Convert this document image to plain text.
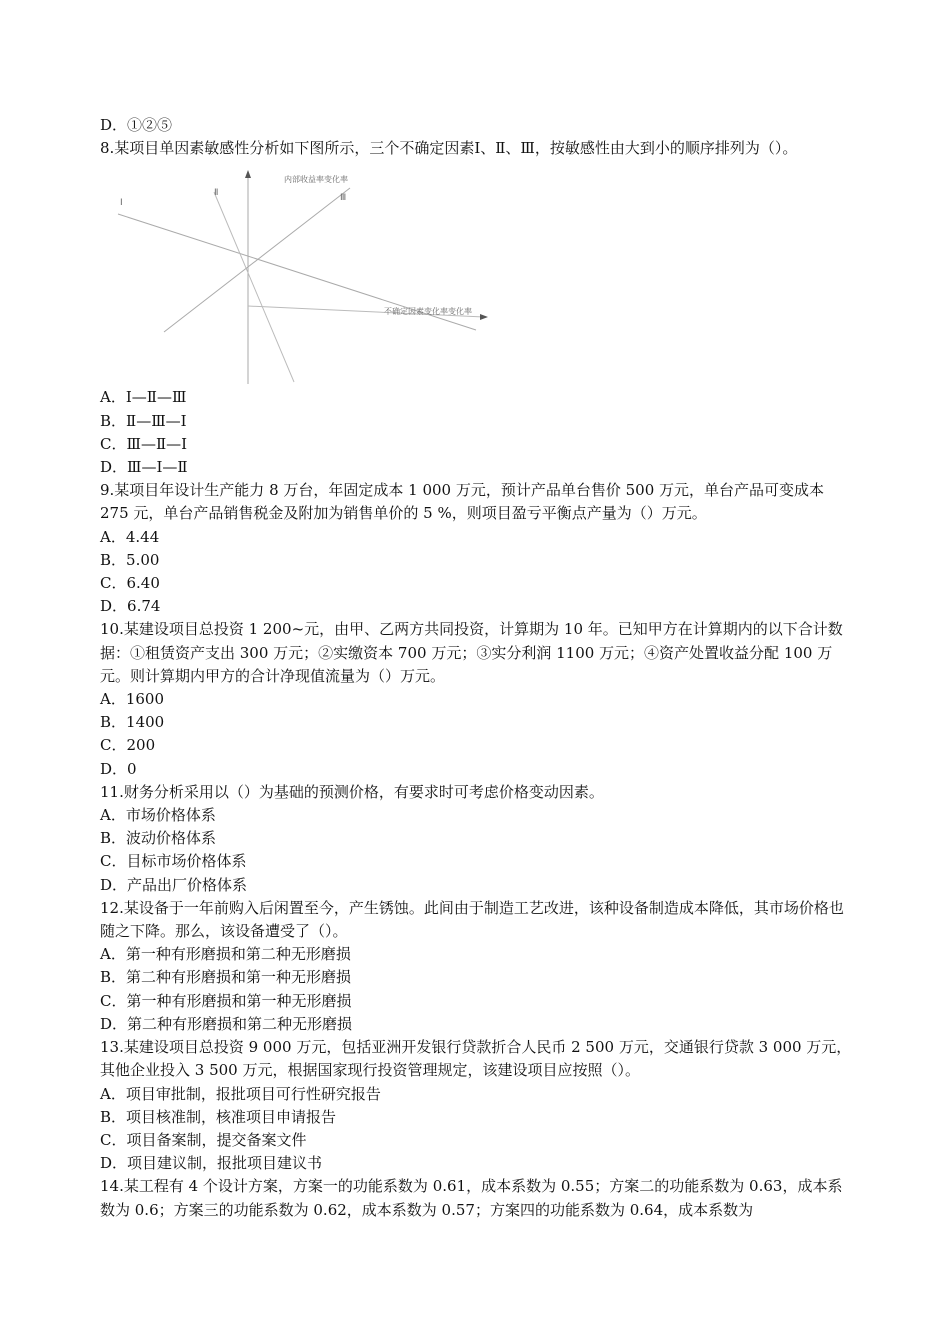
D．①②⑤
8.某项目单因素敏感性分析如下图所示，三个不确定因素Ⅰ、Ⅱ、Ⅲ，按敏感性由大到小的顺序排列为（）。
内部收益率变化率
不确定因素变化率变化率
Ⅰ
Ⅱ	Ⅲ
A．Ⅰ—Ⅱ—Ⅲ
B．Ⅱ—Ⅲ—Ⅰ
C．Ⅲ—Ⅱ—Ⅰ
D．Ⅲ—Ⅰ—Ⅱ
9.某项目年设计生产能力 8 万台，年固定成本 1 000 万元，预计产品单台售价 500 万元，单台产品可变成本 275 元，单台产品销售税金及附加为销售单价的 5 %，则项目盈亏平衡点产量为（）万元。
A．4.44
B．5.00
C．6.40
D．6.74
10.某建设项目总投资 1 200~元，由甲、乙两方共同投资，计算期为 10 年。已知甲方在计算期内的以下合计数据：①租赁资产支出 300 万元；②实缴资本 700 万元；③实分利润 1100 万元；④资产处置收益分配 100 万元。则计算期内甲方的合计净现值流量为（）万元。
A．1600
B．1400
C．200
D．0
11.财务分析采用以（）为基础的预测价格，有要求时可考虑价格变动因素。
A．市场价格体系
B．波动价格体系
C．目标市场价格体系
D．产品出厂价格体系
12.某设备于一年前购入后闲置至今，产生锈蚀。此间由于制造工艺改进，该种设备制造成本降低，其市场价格也随之下降。那么，该设备遭受了（）。
A．第一种有形磨损和第二种无形磨损
B．第二种有形磨损和第一种无形磨损
C．第一种有形磨损和第一种无形磨损
D．第二种有形磨损和第二种无形磨损
13.某建设项目总投资 9 000 万元，包括亚洲开发银行贷款折合人民币 2 500 万元，交通银行贷款 3 000 万元，其他企业投入 3 500 万元，根据国家现行投资管理规定，该建设项目应按照（）。
A．项目审批制，报批项目可行性研究报告
B．项目核准制，核准项目申请报告
C．项目备案制，提交备案文件
D．项目建议制，报批项目建议书
14.某工程有 4 个设计方案，方案一的功能系数为 0.61，成本系数为 0.55；方案二的功能系数为 0.63，成本系数为 0.6；方案三的功能系数为 0.62，成本系数为 0.57；方案四的功能系数为 0.64，成本系数为
